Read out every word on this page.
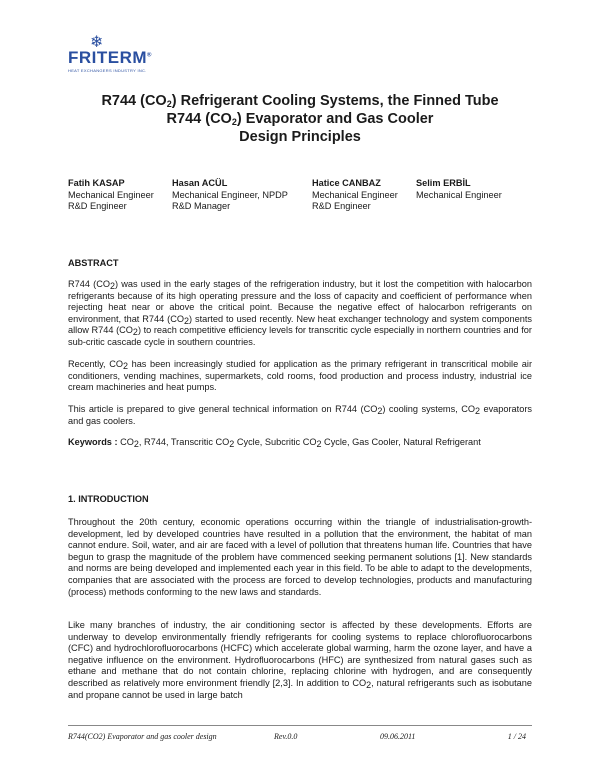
❄
FRITERM®
HEAT EXCHANGERS INDUSTRY INC.
R744 $(CO_2)$ Refrigerant Cooling Systems, the Finned Tube
R744 $(CO_2)$ Evaporator and Gas Cooler
Design Principles
Fatih KASAP
Mechanical Engineer
R&D Engineer
Hasan ACÜL
Mechanical Engineer, NPDP
R&D Manager
Hatice CANBAZ
Mechanical Engineer
R&D Engineer
Selim ERBİL
Mechanical Engineer
ABSTRACT
R744 $(CO_2)$ was used in the early stages of the refrigeration industry, but it lost the competition with halocarbon refrigerants because of its high operating pressure and the loss of capacity and coefficient of performance when rejecting heat near or above the critical point. Because the negative effect of halocarbon refrigerants on environment, that R744 $(CO_2)$ started to used recently. New heat exchanger technology and system components allow R744 $(CO_2)$ to reach competitive efficiency levels for transcritic cycle especially in northern countries and for sub-critic cascade cycle in southern countries.
Recently, $CO_2$ has been increasingly studied for application as the primary refrigerant in transcritical mobile air conditioners, vending machines, supermarkets, cold rooms, food production and process industry, industrial ice cream machineries and heat pumps.
This article is prepared to give general technical information on R744 $(CO_2)$ cooling systems, $CO_2$ evaporators and gas coolers.
Keywords : $CO_2$, R744, Transcritic $CO_2$ Cycle, Subcritic $CO_2$ Cycle, Gas Cooler, Natural Refrigerant
1. INTRODUCTION
Throughout the 20th century, economic operations occurring within the triangle of industrialisation-growth-development, led by developed countries have resulted in a pollution that the environment, the habitat of man cannot endure. Soil, water, and air are faced with a level of pollution that threatens human life. Countries that have begun to grasp the magnitude of the problem have commenced seeking permanent solutions [1]. New standards and norms are being developed and implemented each year in this field. To be able to adapt to the developments, companies that are associated with the process are forced to develop technologies, products and manufacturing (process) methods conforming to the new laws and standards.
Like many branches of industry, the air conditioning sector is affected by these developments. Efforts are underway to develop environmentally friendly refrigerants for cooling systems to replace chlorofluorocarbons (CFC) and hydrochlorofluorocarbons (HCFC) which accelerate global warming, harm the ozone layer, and have a negative influence on the environment. Hydrofluorocarbons (HFC) are synthesized from natural gases such as ethane and methane that do not contain chlorine, replacing chlorine with hydrogen, and are consequently described as relatively more environment friendly [2,3]. In addition to $CO_2$, natural refrigerants such as isobutane and propane cannot be used in large batch
R744(CO2) Evaporator and gas cooler design	Rev.0.0	09.06.2011	1 / 24
